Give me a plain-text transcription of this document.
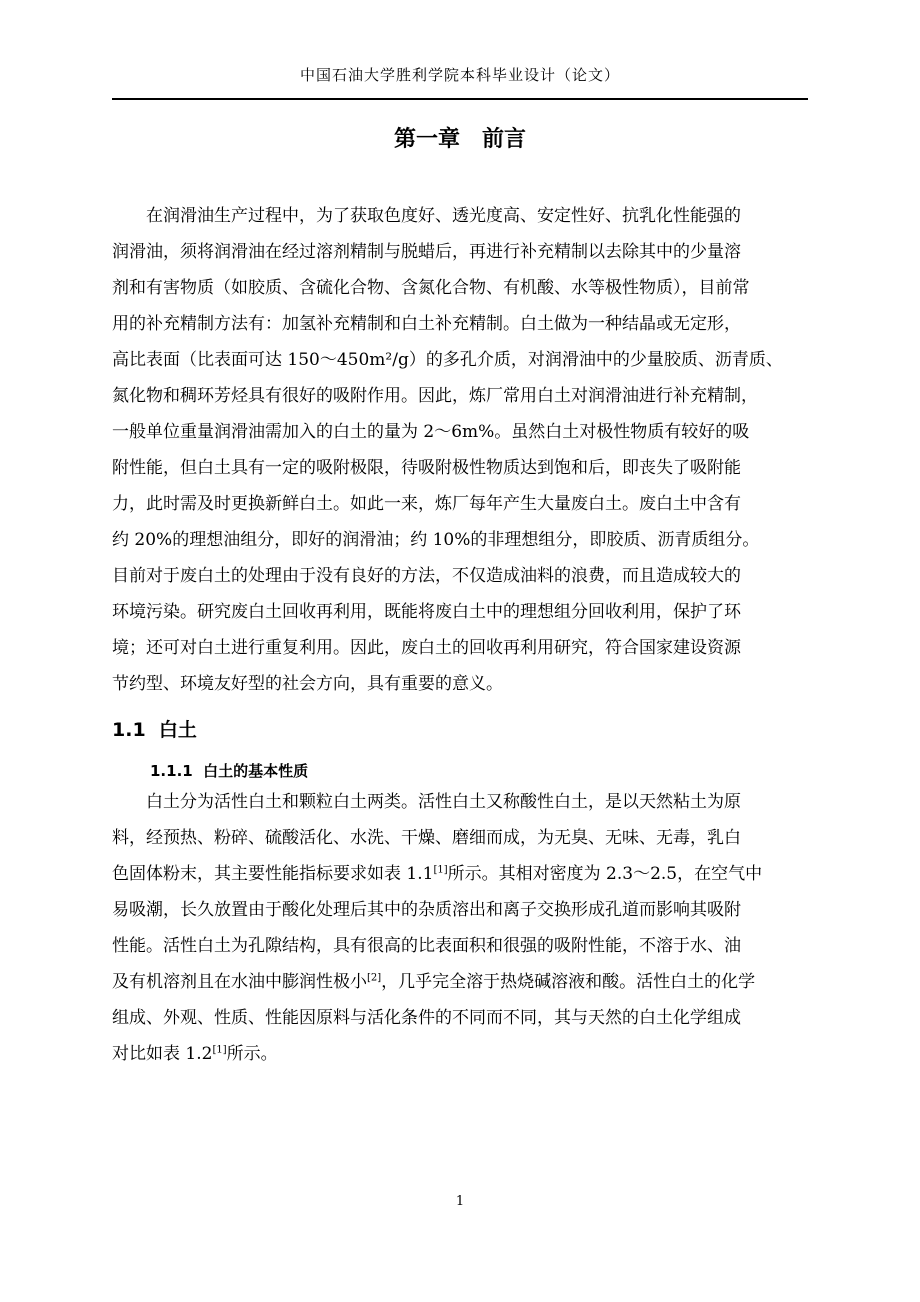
中国石油大学胜利学院本科毕业设计（论文）
第一章　前言
　　在润滑油生产过程中，为了获取色度好、透光度高、安定性好、抗乳化性能强的
润滑油，须将润滑油在经过溶剂精制与脱蜡后，再进行补充精制以去除其中的少量溶
剂和有害物质（如胶质、含硫化合物、含氮化合物、有机酸、水等极性物质），目前常
用的补充精制方法有：加氢补充精制和白土补充精制。白土做为一种结晶或无定形，
高比表面（比表面可达 150～450m²/g）的多孔介质，对润滑油中的少量胶质、沥青质、
氮化物和稠环芳烃具有很好的吸附作用。因此，炼厂常用白土对润滑油进行补充精制，
一般单位重量润滑油需加入的白土的量为 2～6m%。虽然白土对极性物质有较好的吸
附性能，但白土具有一定的吸附极限，待吸附极性物质达到饱和后，即丧失了吸附能
力，此时需及时更换新鲜白土。如此一来，炼厂每年产生大量废白土。废白土中含有
约 20%的理想油组分，即好的润滑油；约 10%的非理想组分，即胶质、沥青质组分。
目前对于废白土的处理由于没有良好的方法，不仅造成油料的浪费，而且造成较大的
环境污染。研究废白土回收再利用，既能将废白土中的理想组分回收利用，保护了环
境；还可对白土进行重复利用。因此，废白土的回收再利用研究，符合国家建设资源
节约型、环境友好型的社会方向，具有重要的意义。
1.1  白土
1.1.1  白土的基本性质
　　白土分为活性白土和颗粒白土两类。活性白土又称酸性白土，是以天然粘土为原
料，经预热、粉碎、硫酸活化、水洗、干燥、磨细而成，为无臭、无味、无毒，乳白
色固体粉末，其主要性能指标要求如表 1.1[1]所示。其相对密度为 2.3～2.5，在空气中
易吸潮，长久放置由于酸化处理后其中的杂质溶出和离子交换形成孔道而影响其吸附
性能。活性白土为孔隙结构，具有很高的比表面积和很强的吸附性能，不溶于水、油
及有机溶剂且在水油中膨润性极小[2]，几乎完全溶于热烧碱溶液和酸。活性白土的化学
组成、外观、性质、性能因原料与活化条件的不同而不同，其与天然的白土化学组成
对比如表 1.2[1]所示。
1
